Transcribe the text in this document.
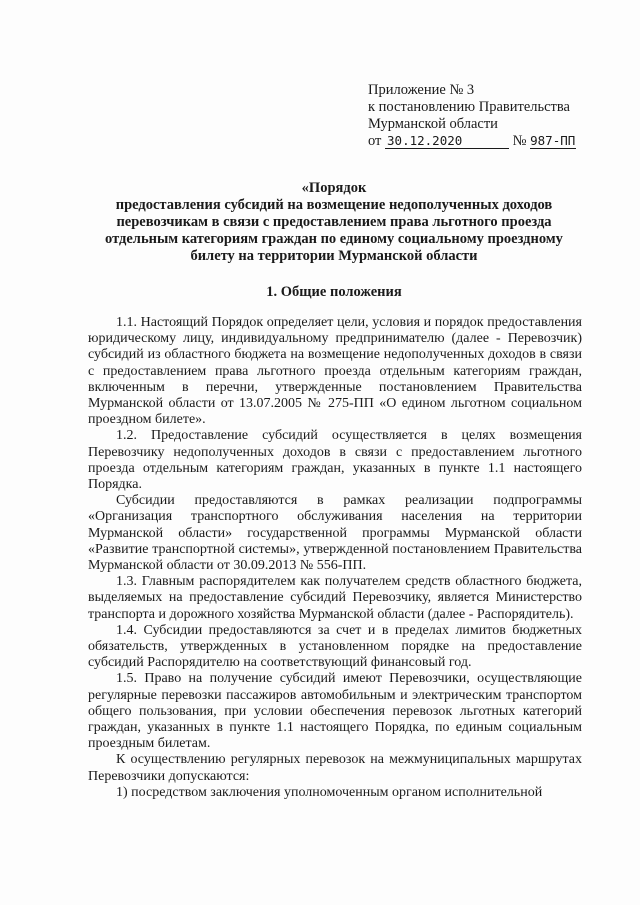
Приложение № 3
к постановлению Правительства
Мурманской области
от 30.12.2020	№ 987-ПП
«Порядок
предоставления субсидий на возмещение недополученных доходов
перевозчикам в связи с предоставлением права льготного проезда
отдельным категориям граждан по единому социальному проездному
билету на территории Мурманской области
1. Общие положения

1.1. Настоящий Порядок определяет цели, условия и порядок предоставления юридическому лицу, индивидуальному предпринимателю (далее - Перевозчик) субсидий из областного бюджета на возмещение недополученных доходов в связи с предоставлением права льготного проезда отдельным категориям граждан, включенным в перечни, утвержденные постановлением Правительства Мурманской области от 13.07.2005 № 275-ПП «О едином льготном социальном проездном билете».

1.2. Предоставление субсидий осуществляется в целях возмещения Перевозчику недополученных доходов в связи с предоставлением льготного проезда отдельным категориям граждан, указанных в пункте 1.1 настоящего Порядка.

Субсидии предоставляются в рамках реализации подпрограммы «Организация транспортного обслуживания населения на территории Мурманской области» государственной программы Мурманской области «Развитие транспортной системы», утвержденной постановлением Правительства Мурманской области от 30.09.2013 № 556-ПП.

1.3. Главным распорядителем как получателем средств областного бюджета, выделяемых на предоставление субсидий Перевозчику, является Министерство транспорта и дорожного хозяйства Мурманской области (далее - Распорядитель).

1.4. Субсидии предоставляются за счет и в пределах лимитов бюджетных обязательств, утвержденных в установленном порядке на предоставление субсидий Распорядителю на соответствующий финансовый год.

1.5. Право на получение субсидий имеют Перевозчики, осуществляющие регулярные перевозки пассажиров автомобильным и электрическим транспортом общего пользования, при условии обеспечения перевозок льготных категорий граждан, указанных в пункте 1.1 настоящего Порядка, по единым социальным проездным билетам.

К осуществлению регулярных перевозок на межмуниципальных маршрутах Перевозчики допускаются:

1) посредством заключения уполномоченным органом исполнительной
